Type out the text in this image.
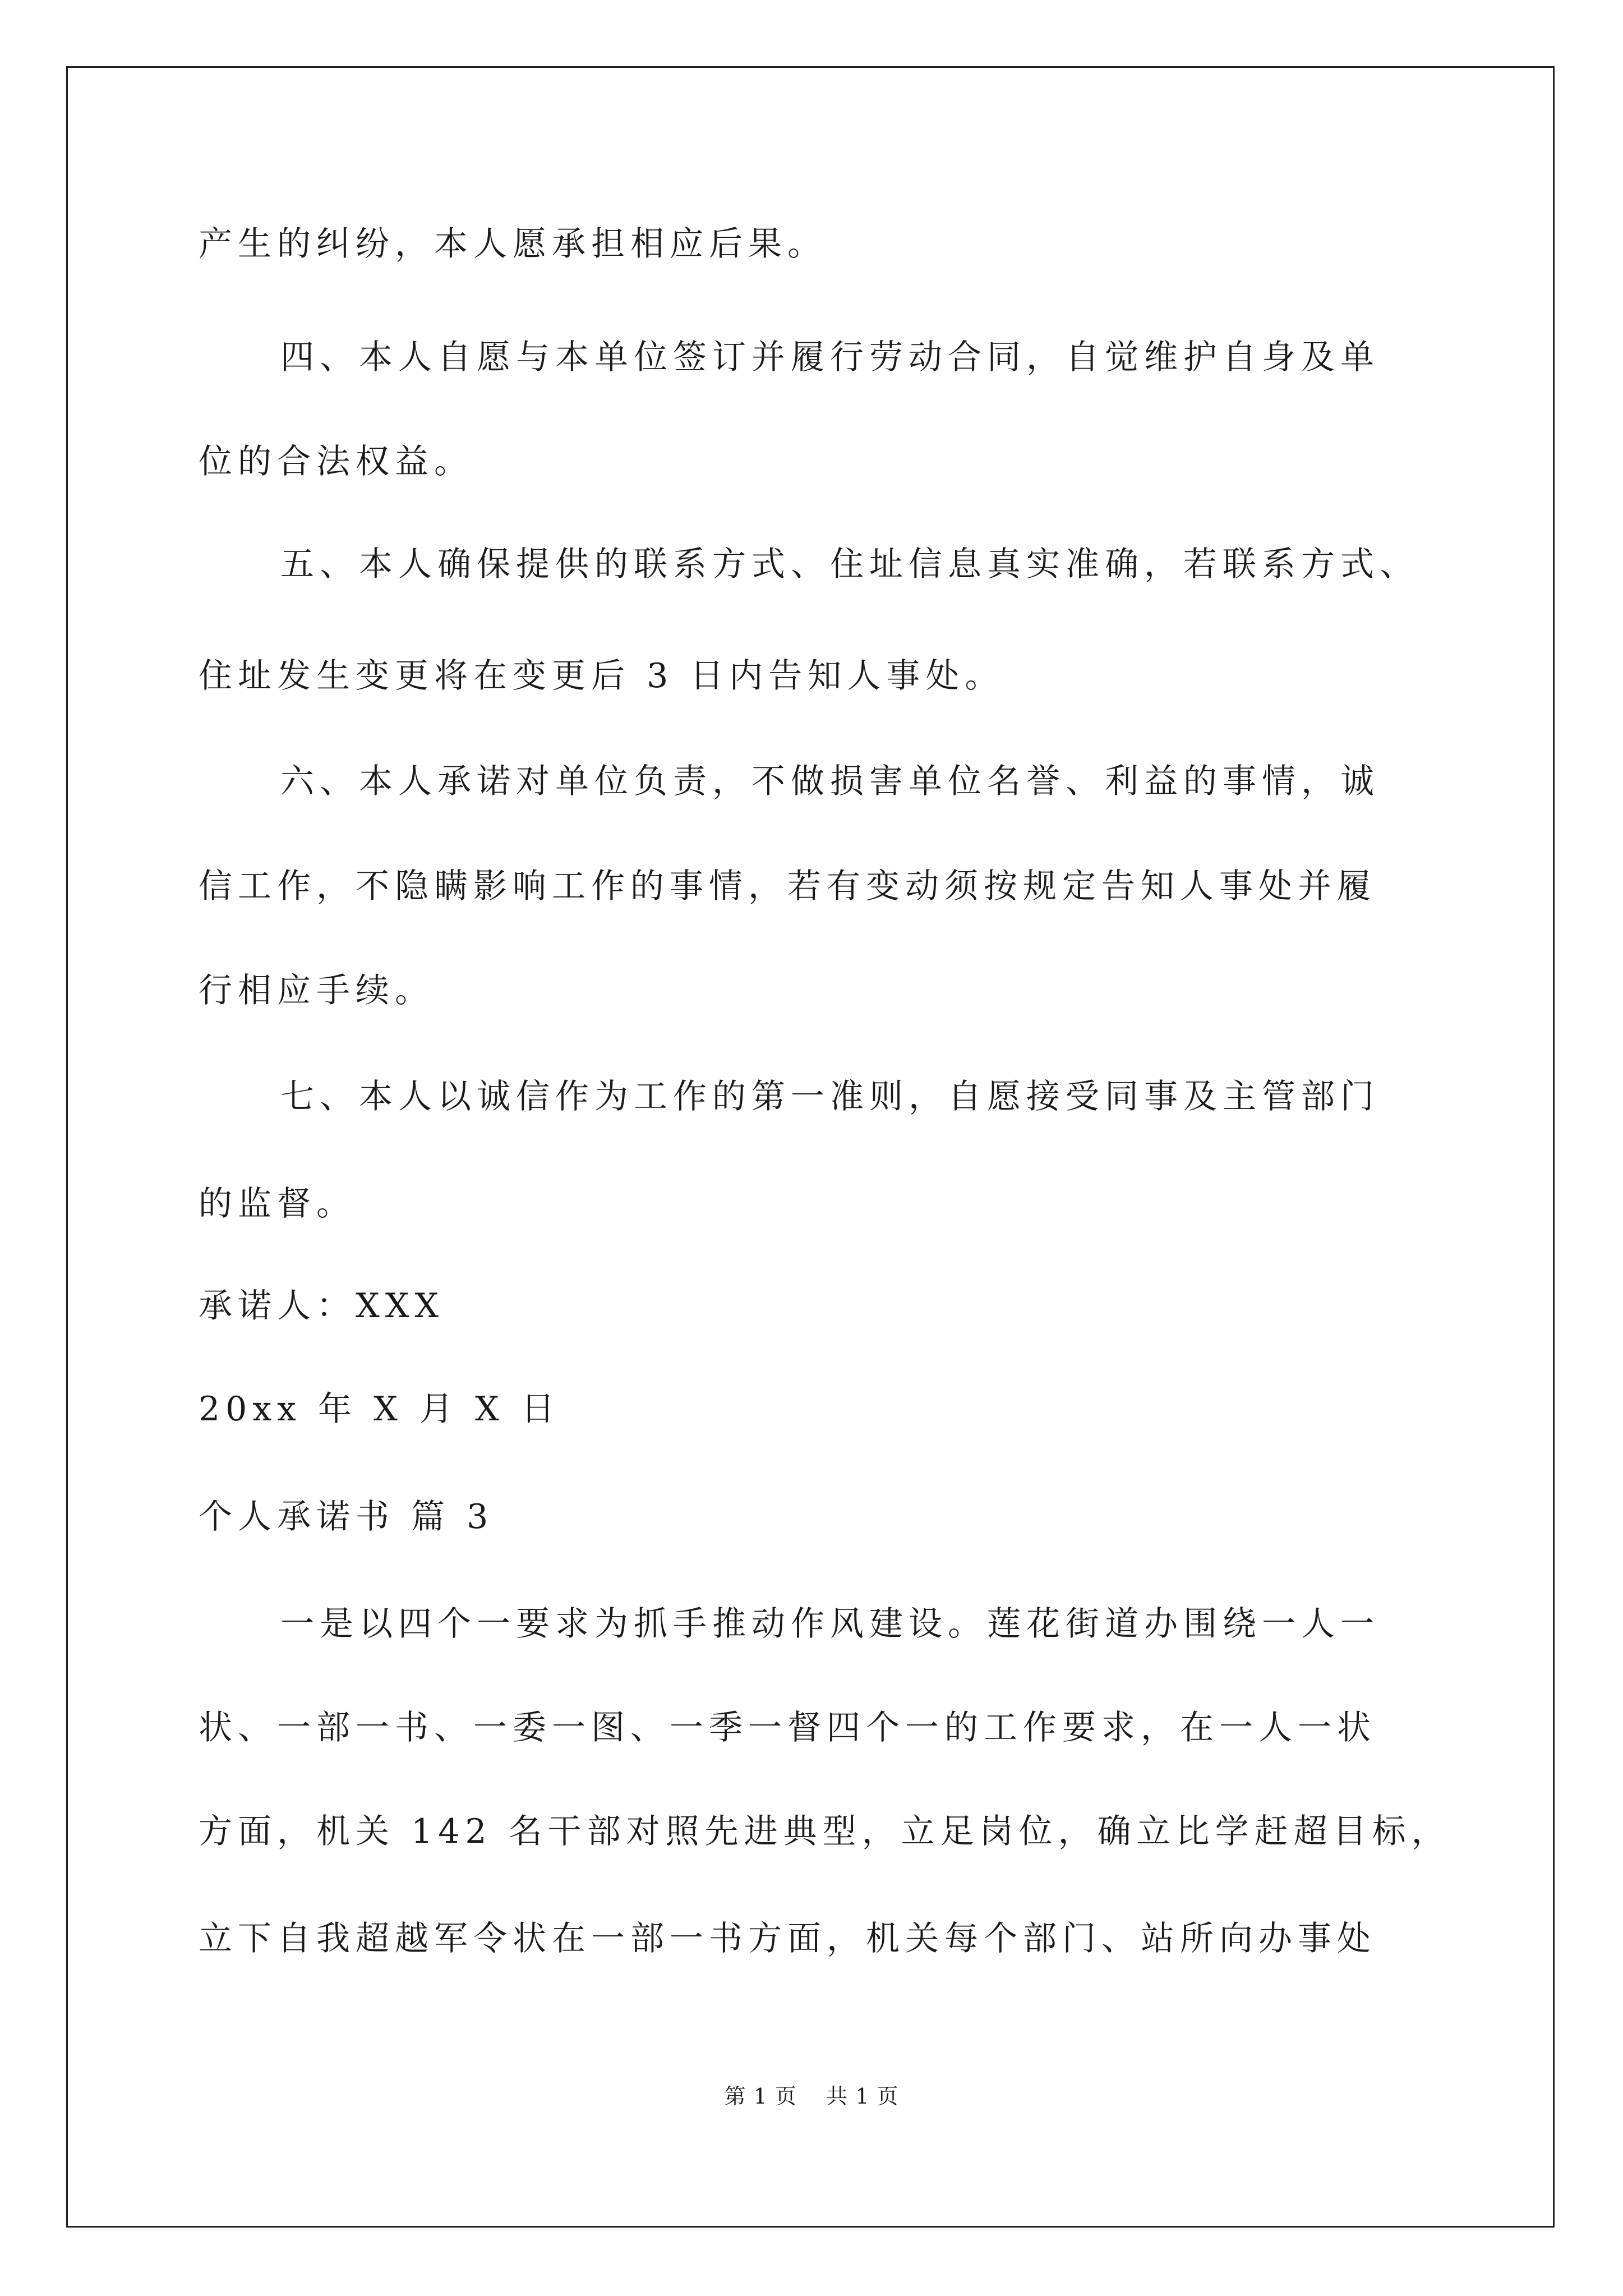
产生的纠纷，本人愿承担相应后果。
四、本人自愿与本单位签订并履行劳动合同，自觉维护自身及单
位的合法权益。
五、本人确保提供的联系方式、住址信息真实准确，若联系方式、
住址发生变更将在变更后 3 日内告知人事处。
六、本人承诺对单位负责，不做损害单位名誉、利益的事情，诚
信工作，不隐瞒影响工作的事情，若有变动须按规定告知人事处并履
行相应手续。
七、本人以诚信作为工作的第一准则，自愿接受同事及主管部门
的监督。
承诺人：XXX
20xx 年 X 月 X 日
个人承诺书 篇 3
一是以四个一要求为抓手推动作风建设。莲花街道办围绕一人一
状、一部一书、一委一图、一季一督四个一的工作要求，在一人一状
方面，机关 142 名干部对照先进典型，立足岗位，确立比学赶超目标，
立下自我超越军令状在一部一书方面，机关每个部门、站所向办事处
第 1 页    共 1 页
